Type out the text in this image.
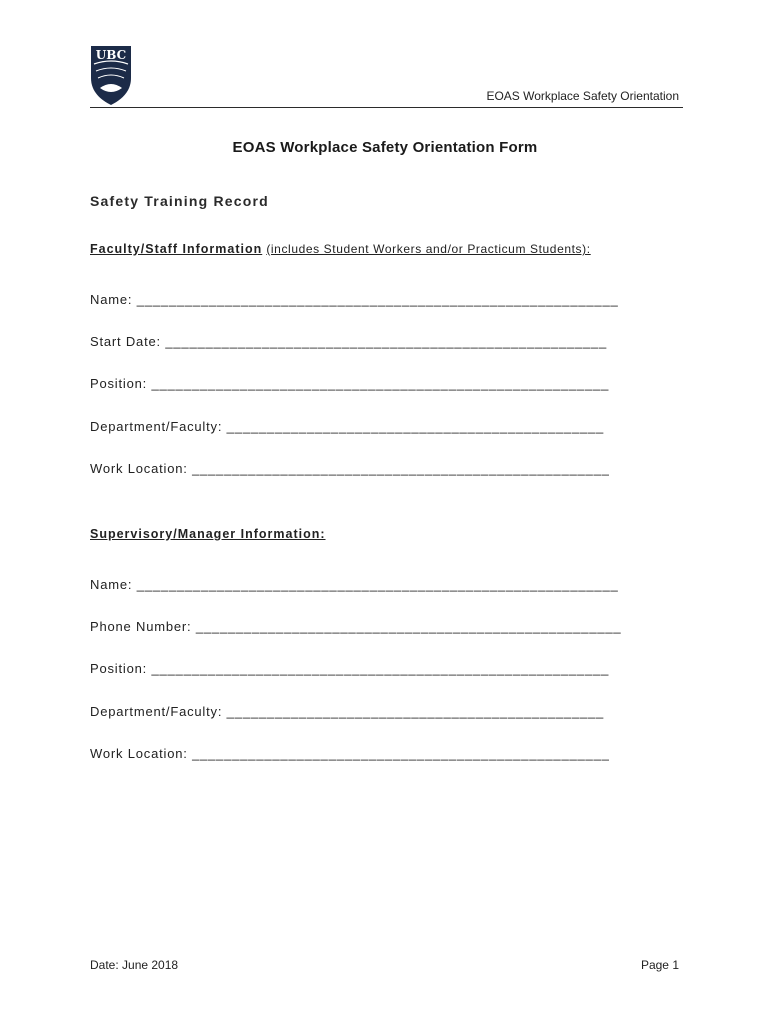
UBC
EOAS Workplace Safety Orientation
EOAS Workplace Safety Orientation Form
Safety Training Record
Faculty/Staff Information (includes Student Workers and/or Practicum Students):
Name: ____________________________________________________________
Start Date: _______________________________________________________
Position: _________________________________________________________
Department/Faculty: _______________________________________________
Work Location: ____________________________________________________
Supervisory/Manager Information:
Name: ____________________________________________________________
Phone Number: _____________________________________________________
Position: _________________________________________________________
Department/Faculty: _______________________________________________
Work Location: ____________________________________________________
Date: June 2018	Page 1
